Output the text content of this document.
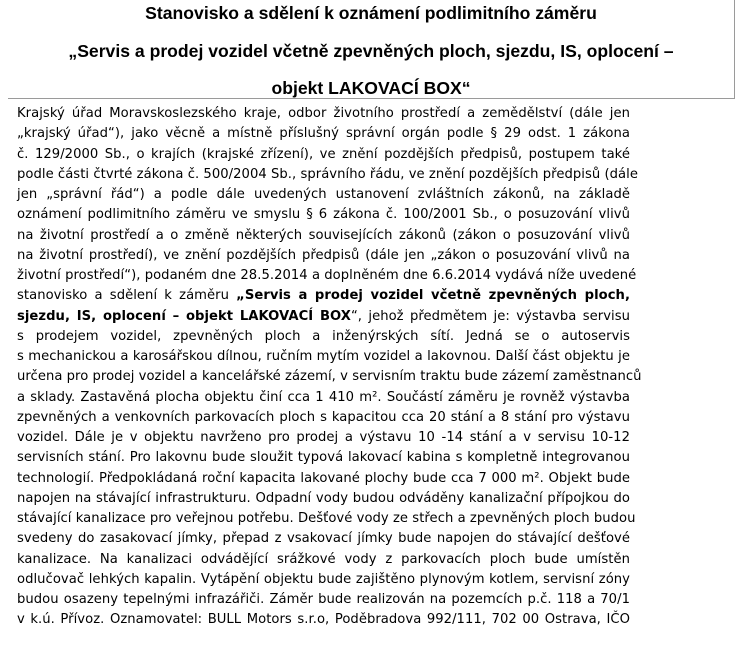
Stanovisko a sdělení k oznámení podlimitního záměru
„Servis a prodej vozidel včetně zpevněných ploch, sjezdu, IS, oplocení –
objekt LAKOVACÍ BOX“
Krajský úřad Moravskoslezského kraje, odbor životního prostředí a zemědělství (dále jen
„krajský úřad“), jako věcně a místně příslušný správní orgán podle § 29 odst. 1 zákona
č. 129/2000 Sb., o krajích (krajské zřízení), ve znění pozdějších předpisů, postupem také
podle části čtvrté zákona č. 500/2004 Sb., správního řádu, ve znění pozdějších předpisů (dále
jen „správní řád“) a podle dále uvedených ustanovení zvláštních zákonů, na základě
oznámení podlimitního záměru ve smyslu § 6 zákona č. 100/2001 Sb., o posuzování vlivů
na životní prostředí a o změně některých souvisejících zákonů (zákon o posuzování vlivů
na životní prostředí), ve znění pozdějších předpisů (dále jen „zákon o posuzování vlivů na
životní prostředí“), podaném dne 28.5.2014 a doplněném dne 6.6.2014 vydává níže uvedené
stanovisko a sdělení k záměru „Servis a prodej vozidel včetně zpevněných ploch,
sjezdu, IS, oplocení – objekt LAKOVACÍ BOX“, jehož předmětem je: výstavba servisu
s prodejem vozidel, zpevněných ploch a inženýrských sítí. Jedná se o autoservis
s mechanickou a karosářskou dílnou, ručním mytím vozidel a lakovnou. Další část objektu je
určena pro prodej vozidel a kancelářské zázemí, v servisním traktu bude zázemí zaměstnanců
a sklady. Zastavěná plocha objektu činí cca 1 410 m². Součástí záměru je rovněž výstavba
zpevněných a venkovních parkovacích ploch s kapacitou cca 20 stání a 8 stání pro výstavu
vozidel. Dále je v objektu navrženo pro prodej a výstavu 10 -14 stání a v servisu 10-12
servisních stání. Pro lakovnu bude sloužit typová lakovací kabina s kompletně integrovanou
technologií. Předpokládaná roční kapacita lakované plochy bude cca 7 000 m². Objekt bude
napojen na stávající infrastrukturu. Odpadní vody budou odváděny kanalizační přípojkou do
stávající kanalizace pro veřejnou potřebu. Dešťové vody ze střech a zpevněných ploch budou
svedeny do zasakovací jímky, přepad z vsakovací jímky bude napojen do stávající dešťové
kanalizace. Na kanalizaci odvádějící srážkové vody z parkovacích ploch bude umístěn
odlučovač lehkých kapalin. Vytápění objektu bude zajištěno plynovým kotlem, servisní zóny
budou osazeny tepelnými infrazářiči. Záměr bude realizován na pozemcích p.č. 118 a 70/1
v k.ú. Přívoz. Oznamovatel: BULL Motors s.r.o, Poděbradova 992/111, 702 00 Ostrava, IČO
